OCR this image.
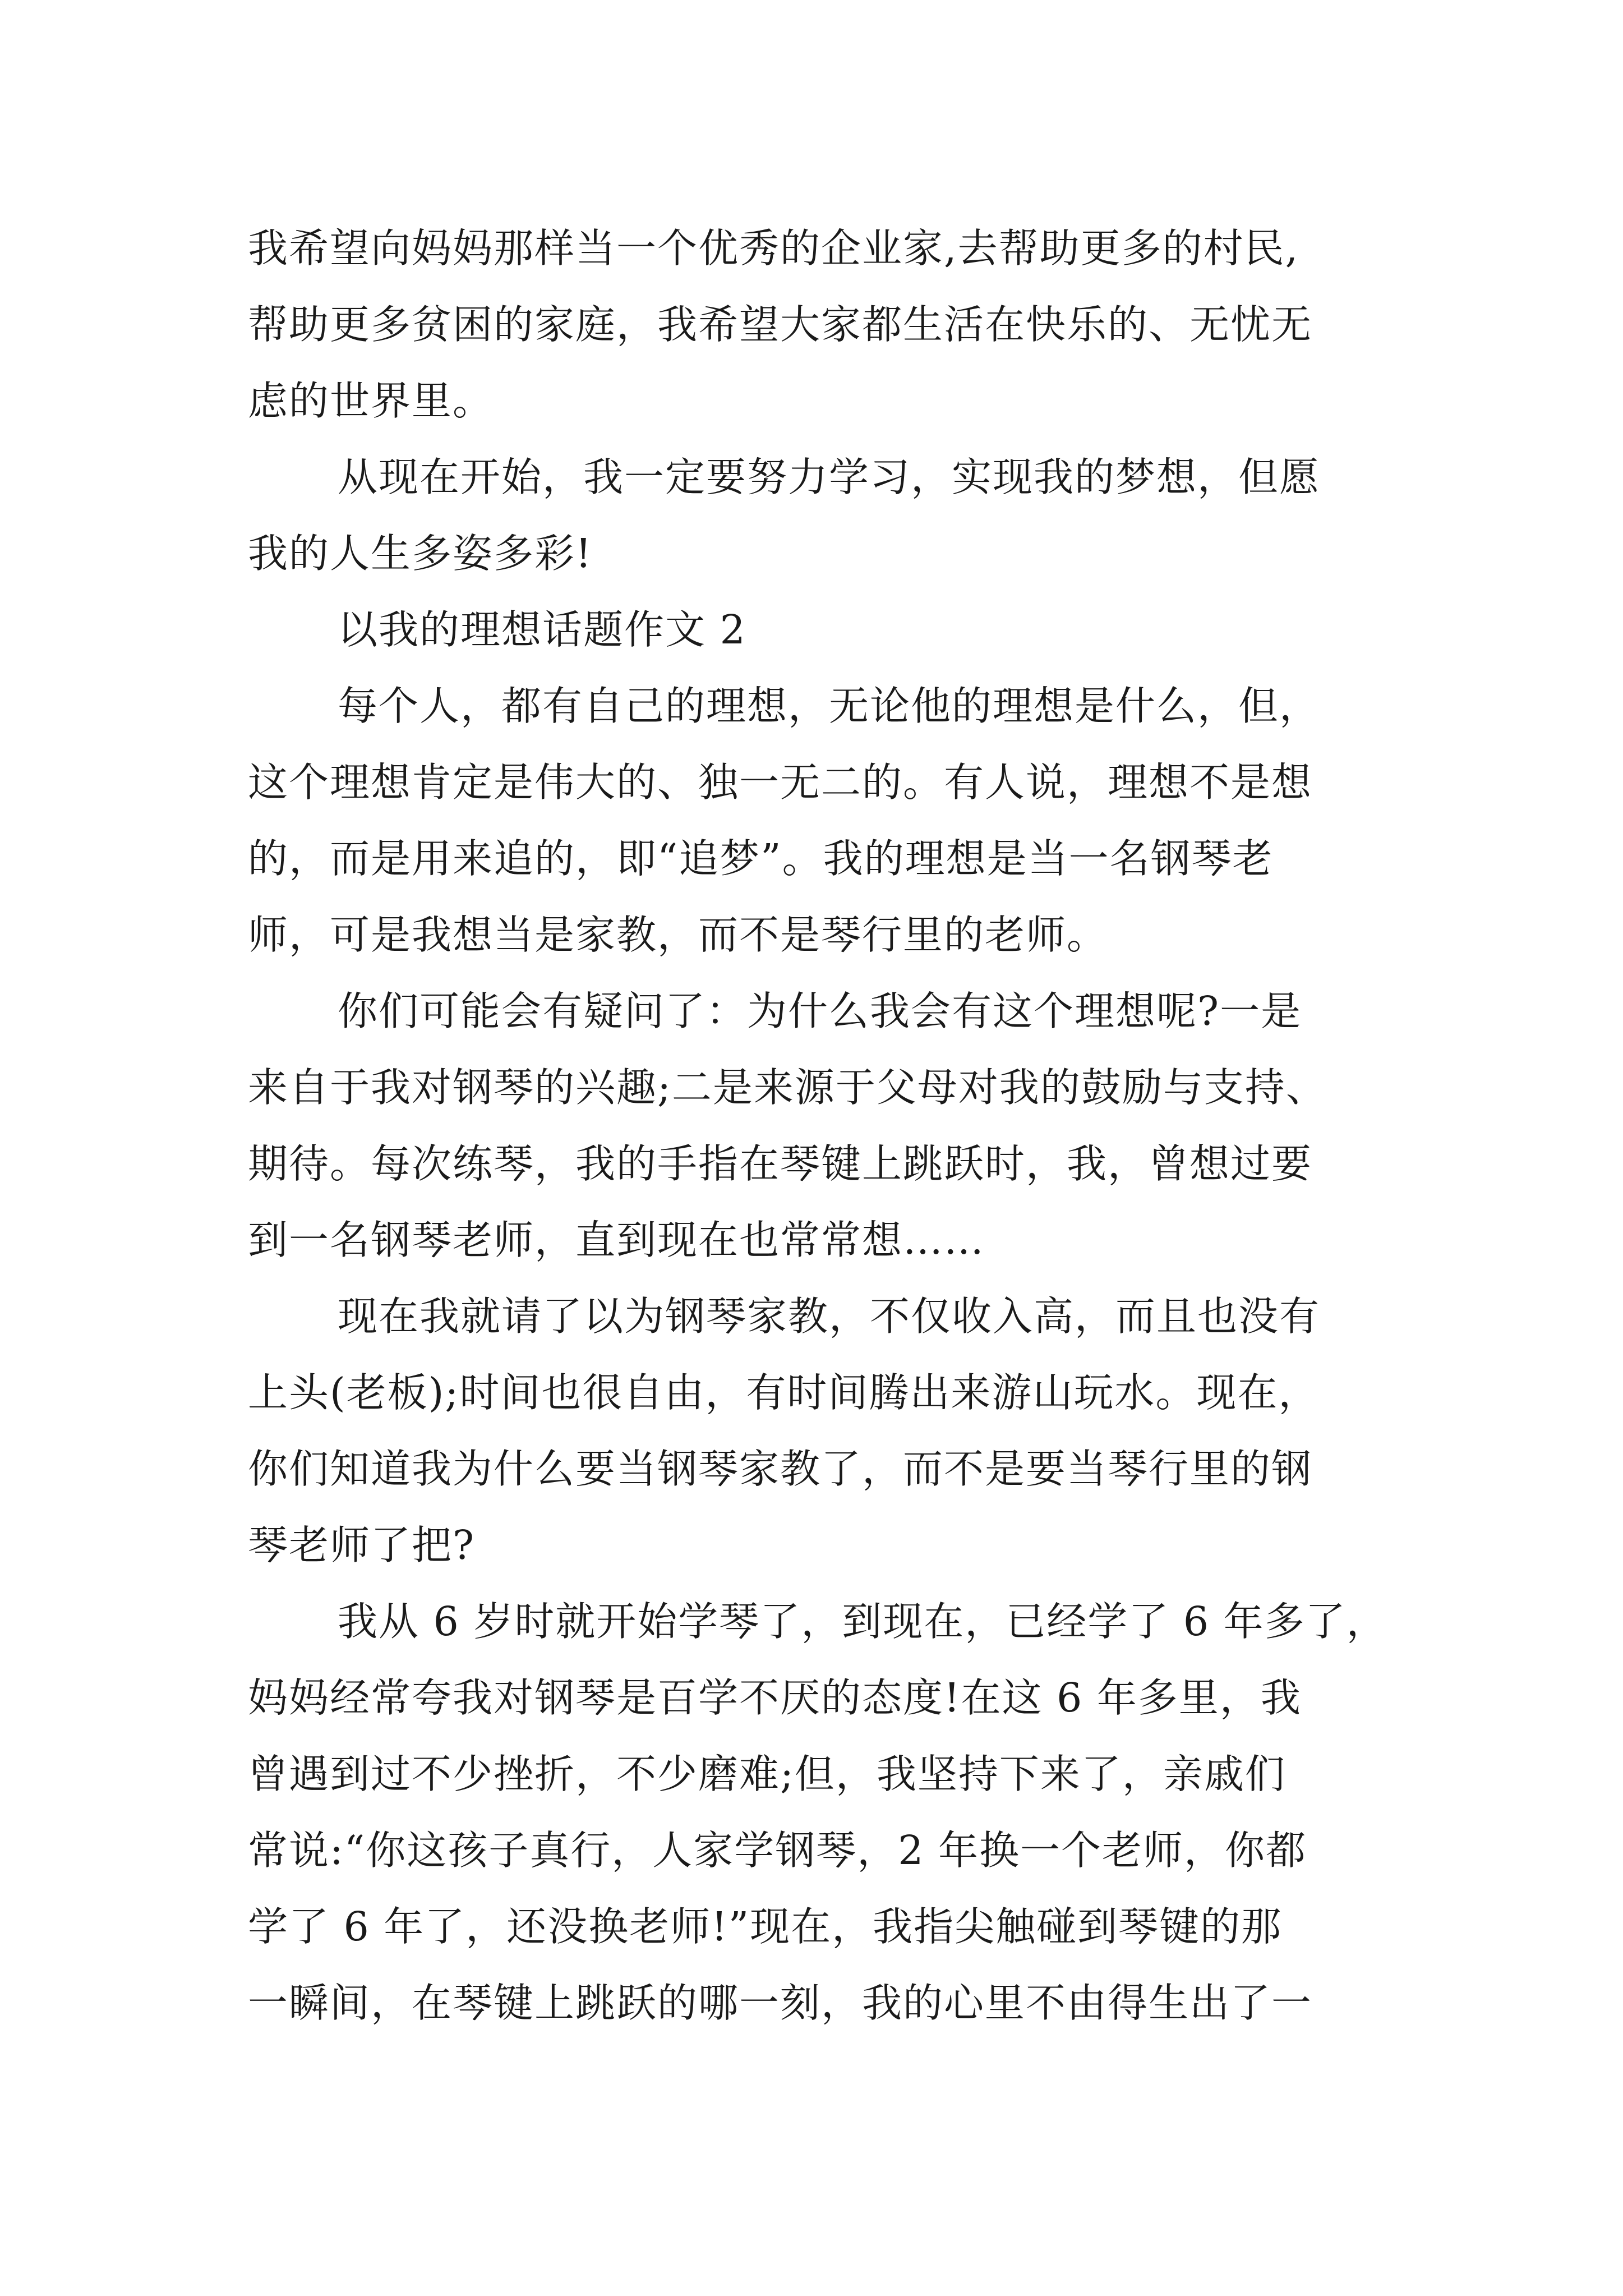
我希望向妈妈那样当一个优秀的企业家,去帮助更多的村民,
帮助更多贫困的家庭，我希望大家都生活在快乐的、无忧无
虑的世界里。
从现在开始，我一定要努力学习，实现我的梦想，但愿
我的人生多姿多彩!
以我的理想话题作文 2
每个人，都有自己的理想，无论他的理想是什么，但，
这个理想肯定是伟大的、独一无二的。有人说，理想不是想
的，而是用来追的，即“追梦”。我的理想是当一名钢琴老
师，可是我想当是家教，而不是琴行里的老师。
你们可能会有疑问了：为什么我会有这个理想呢?一是
来自于我对钢琴的兴趣;二是来源于父母对我的鼓励与支持、
期待。每次练琴，我的手指在琴键上跳跃时，我，曾想过要
到一名钢琴老师，直到现在也常常想……
现在我就请了以为钢琴家教，不仅收入高，而且也没有
上头(老板);时间也很自由，有时间腾出来游山玩水。现在，
你们知道我为什么要当钢琴家教了，而不是要当琴行里的钢
琴老师了把?
我从 6 岁时就开始学琴了，到现在，已经学了 6 年多了，
妈妈经常夸我对钢琴是百学不厌的态度!在这 6 年多里，我
曾遇到过不少挫折，不少磨难;但，我坚持下来了，亲戚们
常说:“你这孩子真行，人家学钢琴，2 年换一个老师，你都
学了 6 年了，还没换老师!”现在，我指尖触碰到琴键的那
一瞬间，在琴键上跳跃的哪一刻，我的心里不由得生出了一
